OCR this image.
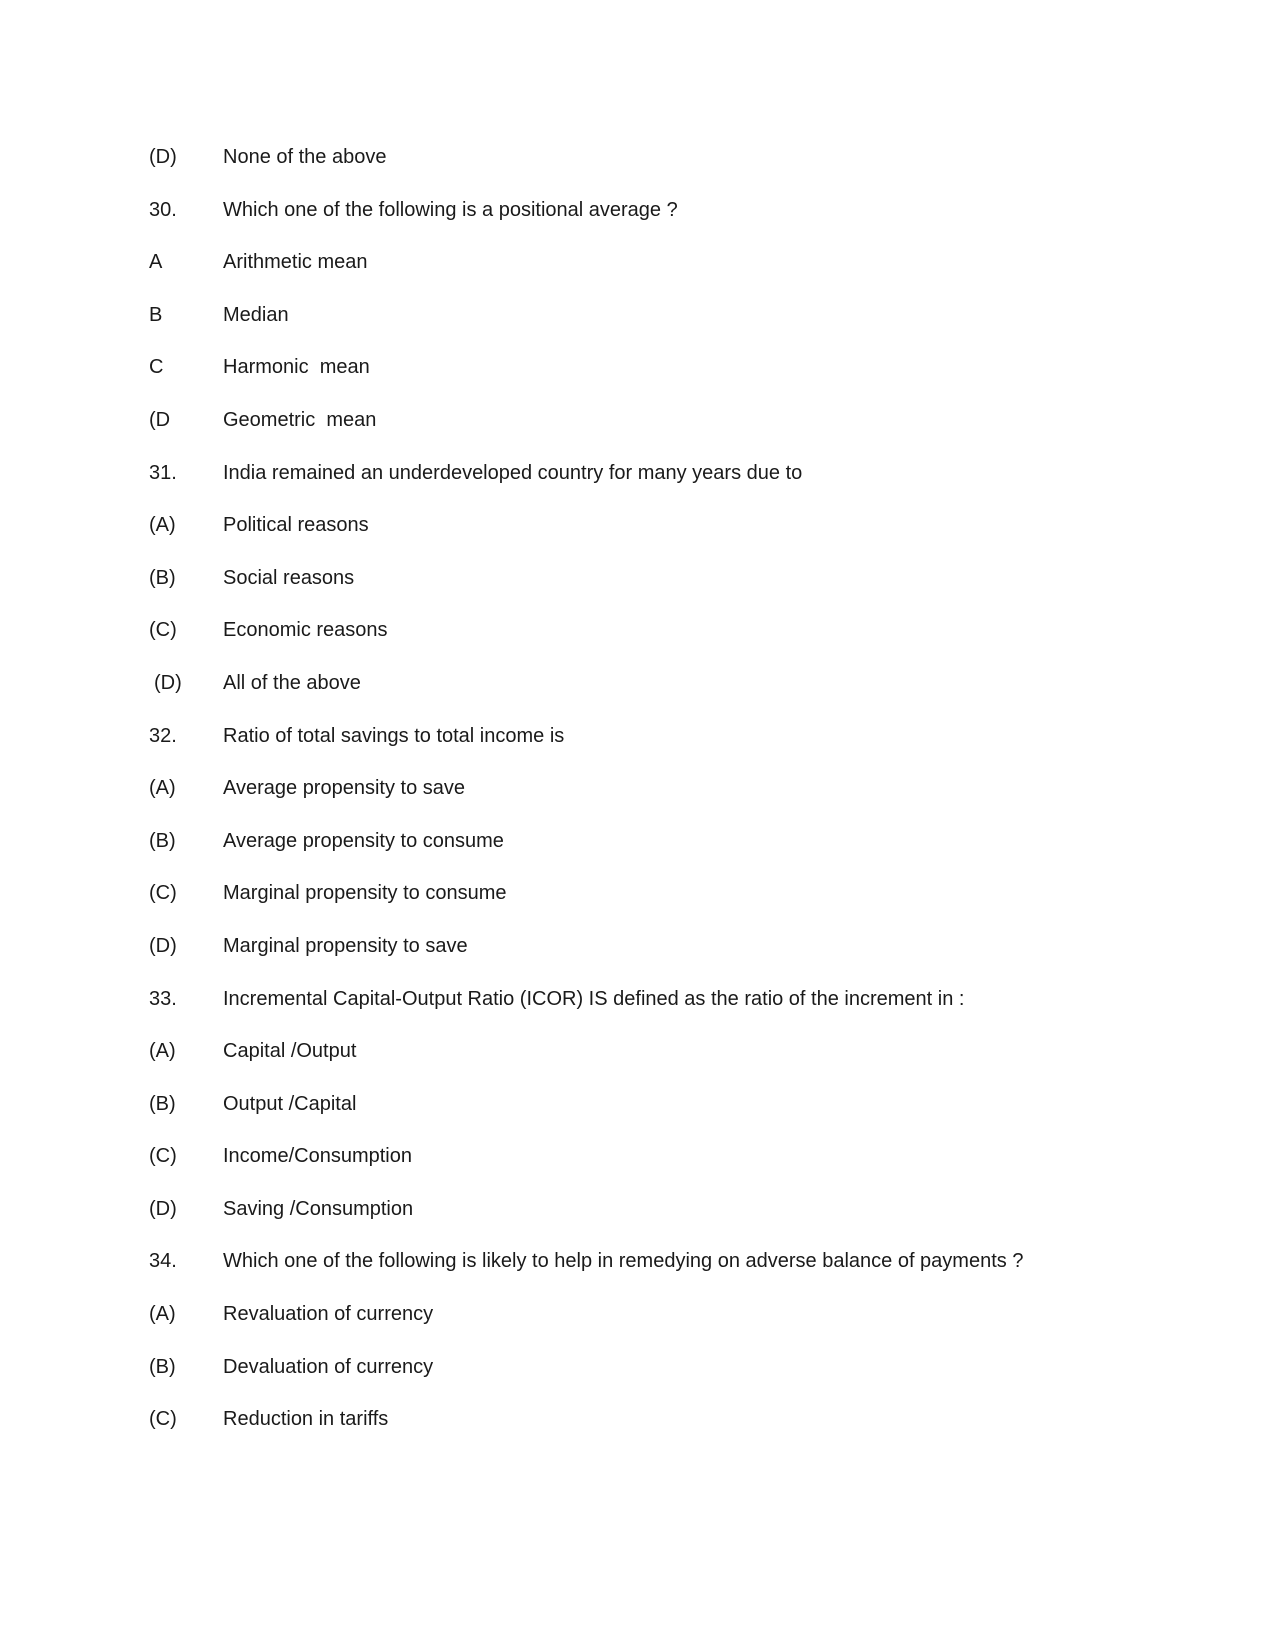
(D) None of the above
30. Which one of the following is a positional average ?
A	Arithmetic mean
B	Median
C	Harmonic  mean
(D	Geometric  mean
31. India remained an underdeveloped country for many years due to
(A) Political reasons
(B) Social reasons
(C) Economic reasons
(D) All of the above
32. Ratio of total savings to total income is
(A) Average propensity to save
(B) Average propensity to consume
(C) Marginal propensity to consume
(D) Marginal propensity to save
33. Incremental Capital-Output Ratio (ICOR) IS defined as the ratio of the increment in :
(A) Capital /Output
(B) Output /Capital
(C) Income/Consumption
(D) Saving /Consumption
34. Which one of the following is likely to help in remedying on adverse balance of payments ?
(A) Revaluation of currency
(B) Devaluation of currency
(C) Reduction in tariffs
